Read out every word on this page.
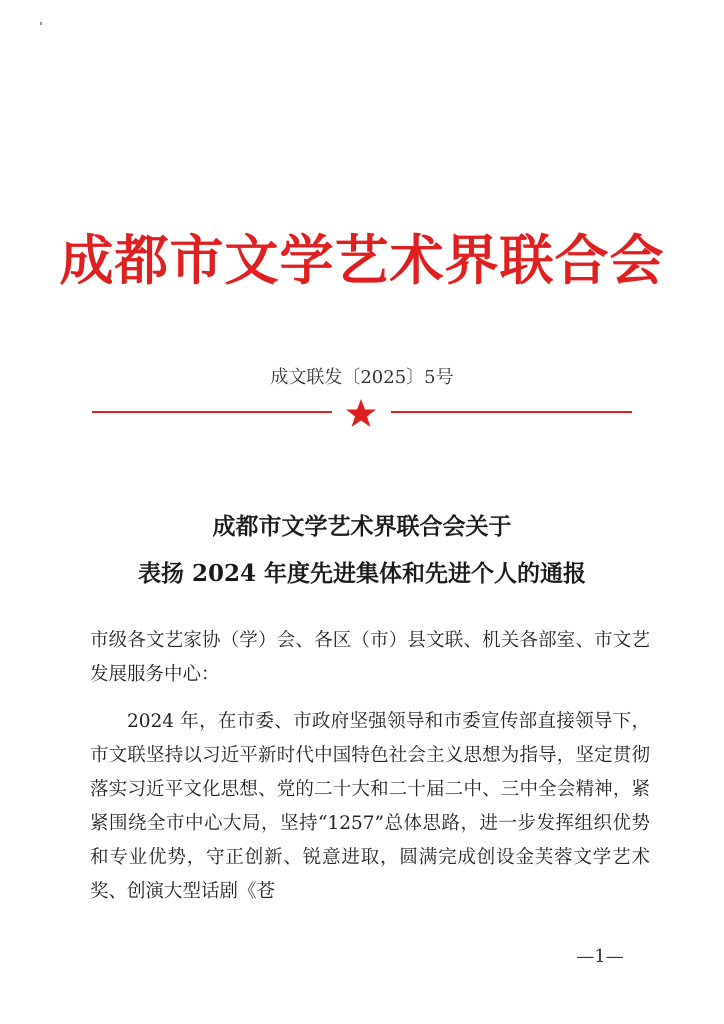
成都市文学艺术界联合会
成文联发〔2025〕5号
成都市文学艺术界联合会关于
表扬 2024 年度先进集体和先进个人的通报
市级各文艺家协（学）会、各区（市）县文联、机关各部室、市文艺发展服务中心：
2024 年，在市委、市政府坚强领导和市委宣传部直接领导下，市文联坚持以习近平新时代中国特色社会主义思想为指导，坚定贯彻落实习近平文化思想、党的二十大和二十届二中、三中全会精神，紧紧围绕全市中心大局，坚持“1257”总体思路，进一步发挥组织优势和专业优势，守正创新、锐意进取，圆满完成创设金芙蓉文学艺术奖、创演大型话剧《苍
—1—
